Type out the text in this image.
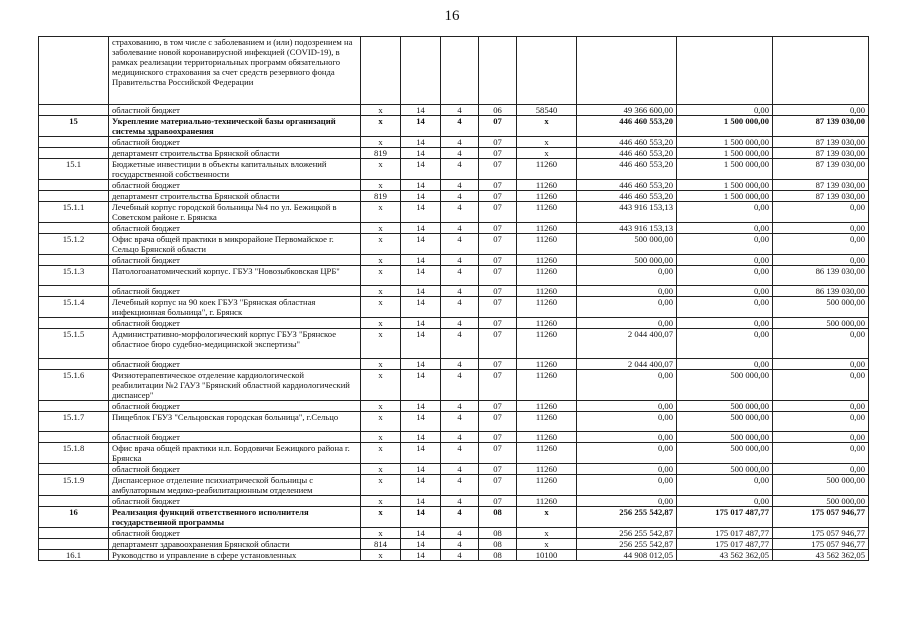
16
	страхованию, в том числе с заболеванием и (или) подозрением на заболевание новой коронавирусной инфекцией (COVID-19), в рамках реализации территориальных программ обязательного медицинского страхования за счет средств резервного фонда Правительства Российской Федерации								
	областной бюджет	x	14	4	06	58540	49 366 600,00	0,00	0,00
15	Укрепление материально-технической базы организаций системы здравоохранения	x	14	4	07	x	446 460 553,20	1 500 000,00	87 139 030,00
	областной бюджет	x	14	4	07	x	446 460 553,20	1 500 000,00	87 139 030,00
	департамент строительства Брянской области	819	14	4	07	x	446 460 553,20	1 500 000,00	87 139 030,00
15.1	Бюджетные инвестиции в объекты капитальных вложений государственной собственности	x	14	4	07	11260	446 460 553,20	1 500 000,00	87 139 030,00
	областной бюджет	x	14	4	07	11260	446 460 553,20	1 500 000,00	87 139 030,00
	департамент строительства Брянской области	819	14	4	07	11260	446 460 553,20	1 500 000,00	87 139 030,00
15.1.1	Лечебный корпус городской больницы №4 по ул. Бежицкой в Советском районе г. Брянска	x	14	4	07	11260	443 916 153,13	0,00	0,00
	областной бюджет	x	14	4	07	11260	443 916 153,13	0,00	0,00
15.1.2	Офис врача общей практики в микрорайоне Первомайское г. Сельцо Брянской области	x	14	4	07	11260	500 000,00	0,00	0,00
	областной бюджет	x	14	4	07	11260	500 000,00	0,00	0,00
15.1.3	Патологоанатомический корпус. ГБУЗ "Новозыбковская ЦРБ"	x	14	4	07	11260	0,00	0,00	86 139 030,00
	областной бюджет	x	14	4	07	11260	0,00	0,00	86 139 030,00
15.1.4	Лечебный корпус на 90 коек ГБУЗ "Брянская областная инфекционная больница", г. Брянск	x	14	4	07	11260	0,00	0,00	500 000,00
	областной бюджет	x	14	4	07	11260	0,00	0,00	500 000,00
15.1.5	Административно-морфологический корпус ГБУЗ "Брянское областное бюро судебно-медицинской экспертизы"	x	14	4	07	11260	2 044 400,07	0,00	0,00
	областной бюджет	x	14	4	07	11260	2 044 400,07	0,00	0,00
15.1.6	Физиотерапевтическое отделение кардиологической реабилитации №2 ГАУЗ "Брянский областной кардиологический диспансер"	x	14	4	07	11260	0,00	500 000,00	0,00
	областной бюджет	x	14	4	07	11260	0,00	500 000,00	0,00
15.1.7	Пищеблок ГБУЗ "Сельцовская городская больница", г.Сельцо	x	14	4	07	11260	0,00	500 000,00	0,00
	областной бюджет	x	14	4	07	11260	0,00	500 000,00	0,00
15.1.8	Офис врача общей практики н.п. Бордовичи Бежицкого района г. Брянска	x	14	4	07	11260	0,00	500 000,00	0,00
	областной бюджет	x	14	4	07	11260	0,00	500 000,00	0,00
15.1.9	Диспансерное отделение психиатрической больницы с амбулаторным медико-реабилитационным отделением	x	14	4	07	11260	0,00	0,00	500 000,00
	областной бюджет	x	14	4	07	11260	0,00	0,00	500 000,00
16	Реализация функций ответственного исполнителя государственной программы	x	14	4	08	x	256 255 542,87	175 017 487,77	175 057 946,77
	областной бюджет	x	14	4	08	x	256 255 542,87	175 017 487,77	175 057 946,77
	департамент здравоохранения Брянской области	814	14	4	08	x	256 255 542,87	175 017 487,77	175 057 946,77
16.1	Руководство и управление в сфере установленных	x	14	4	08	10100	44 908 012,05	43 562 362,05	43 562 362,05
